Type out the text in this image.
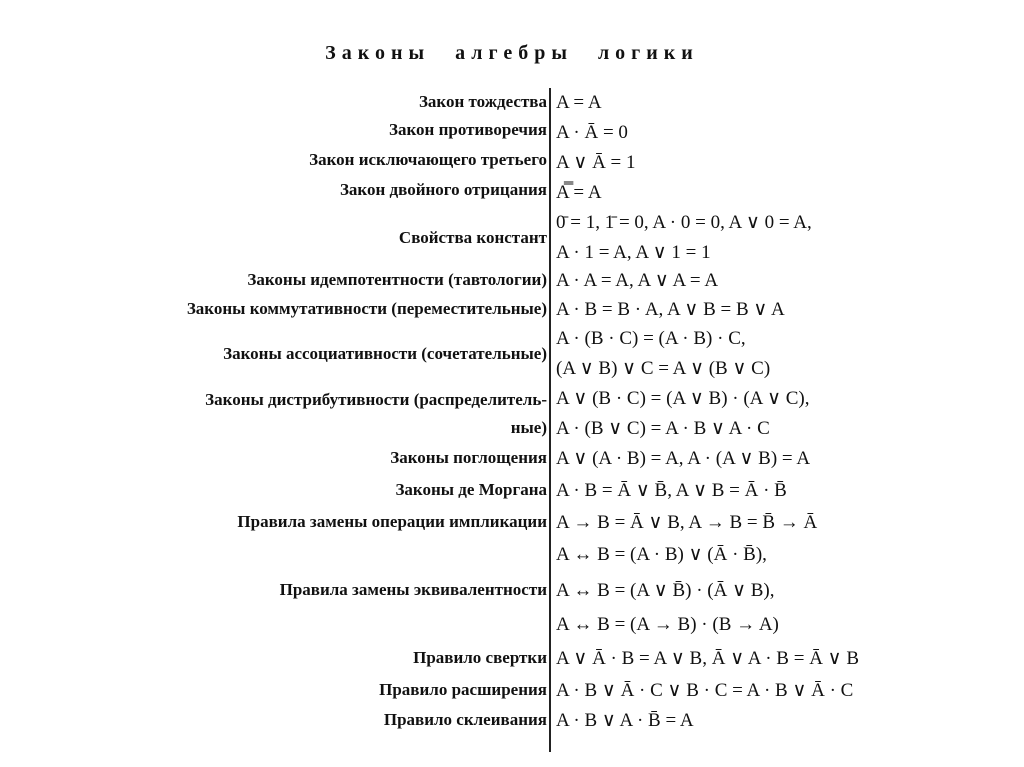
Законы алгебры логики
Закон тождества A = A
Закон противоречия A · Ā = 0
Закон исключающего третьего A ∨ Ā = 1
Закон двойного отрицания A̿ = A
Свойства констант
0̄ = 1, 1̄ = 0, A · 0 = 0, A ∨ 0 = A,
A · 1 = A, A ∨ 1 = 1
Законы идемпотентности (тавтологии) A · A = A, A ∨ A = A
Законы коммутативности (переместительные) A · B = B · A, A ∨ B = B ∨ A
Законы ассоциативности (сочетательные)
A · (B · C) = (A · B) · C,
(A ∨ B) ∨ C = A ∨ (B ∨ C)
Законы дистрибутивности (распределитель-
ные)
A ∨ (B · C) = (A ∨ B) · (A ∨ C),
A · (B ∨ C) = A · B ∨ A · C
Законы поглощения A ∨ (A · B) = A, A · (A ∨ B) = A
Законы де Моргана A · B = Ā ∨ B̄, A ∨ B = Ā · B̄
Правила замены операции импликации A → B = Ā ∨ B, A → B = B̄ → Ā
Правила замены эквивалентности
A ↔ B = (A · B) ∨ (Ā · B̄),
A ↔ B = (A ∨ B̄) · (Ā ∨ B),
A ↔ B = (A → B) · (B → A)
Правило свертки A ∨ Ā · B = A ∨ B, Ā ∨ A · B = Ā ∨ B
Правило расширения A · B ∨ Ā · C ∨ B · C = A · B ∨ Ā · C
Правило склеивания A · B ∨ A · B̄ = A
